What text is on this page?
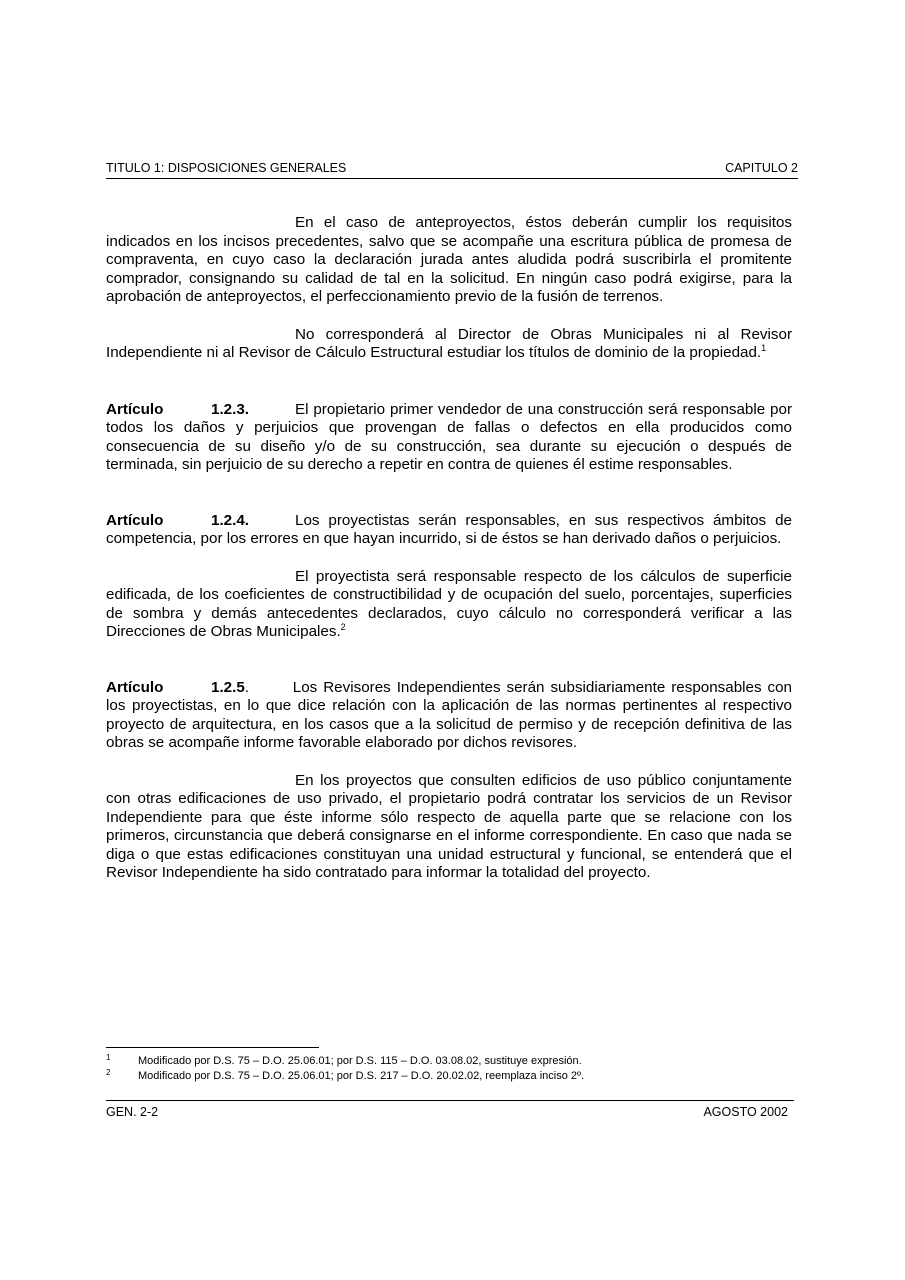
TITULO 1: DISPOSICIONES GENERALES	CAPITULO 2

En el caso de anteproyectos, éstos deberán cumplir los requisitos indicados en los incisos precedentes, salvo que se acompañe una escritura pública de promesa de compraventa, en cuyo caso la declaración jurada antes aludida podrá suscribirla el promitente comprador, consignando su calidad de tal en la solicitud. En ningún caso podrá exigirse, para la aprobación de anteproyectos, el perfeccionamiento previo de la fusión de terrenos.

No corresponderá al Director de Obras Municipales ni al Revisor Independiente ni al Revisor de Cálculo Estructural estudiar los títulos de dominio de la propiedad.$^1$

Artículo	1.2.3.	El propietario primer vendedor de una construcción será responsable por todos los daños y perjuicios que provengan de fallas o defectos en ella producidos como consecuencia de su diseño y/o de su construcción, sea durante su ejecución o después de terminada, sin perjuicio de su derecho a repetir en contra de quienes él estime responsables.

Artículo	1.2.4.	Los proyectistas serán responsables, en sus respectivos ámbitos de competencia, por los errores en que hayan incurrido, si de éstos se han derivado daños o perjuicios.

El proyectista será responsable respecto de los cálculos de superficie edificada, de los coeficientes de constructibilidad y de ocupación del suelo, porcentajes, superficies de sombra y demás antecedentes declarados, cuyo cálculo no corresponderá verificar a las Direcciones de Obras Municipales.$^2$

Artículo	1.2.5.	Los Revisores Independientes serán subsidiariamente responsables con los proyectistas, en lo que dice relación con la aplicación de las normas pertinentes al respectivo proyecto de arquitectura, en los casos que a la solicitud de permiso y de recepción definitiva de las obras se acompañe informe favorable elaborado por dichos revisores.

En los proyectos que consulten edificios de uso público conjuntamente con otras edificaciones de uso privado, el propietario podrá contratar los servicios de un Revisor Independiente para que éste informe sólo respecto de aquella parte que se relacione con los primeros, circunstancia que deberá consignarse en el informe correspondiente. En caso que nada se diga o que estas edificaciones constituyan una unidad estructural y funcional, se entenderá que el Revisor Independiente ha sido contratado para informar la totalidad del proyecto.

1	Modificado por D.S. 75 – D.O. 25.06.01; por D.S. 115 – D.O. 03.08.02, sustituye expresión.
2	Modificado por D.S. 75 – D.O. 25.06.01; por D.S. 217 – D.O. 20.02.02, reemplaza inciso 2º.
GEN. 2-2	AGOSTO 2002
